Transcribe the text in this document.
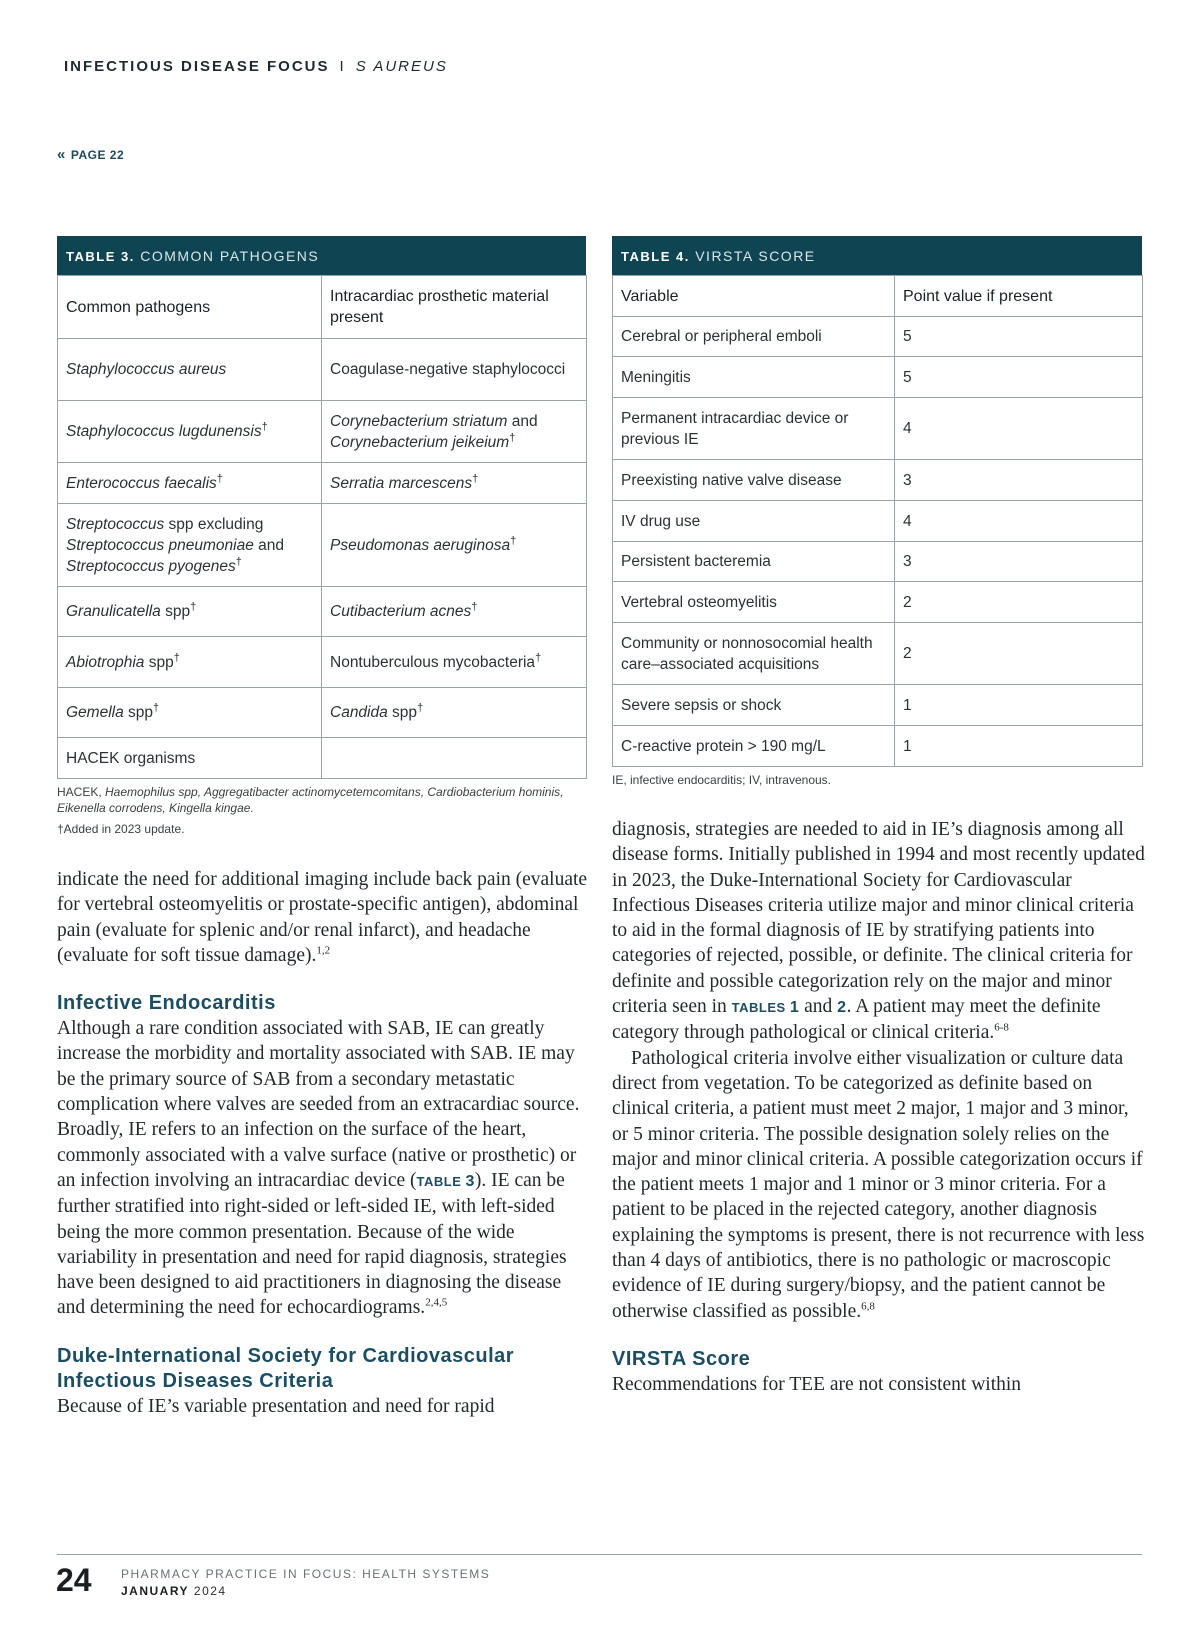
INFECTIOUS DISEASE FOCUS I S AUREUS
« PAGE 22
TABLE 3. COMMON PATHOGENS
Common pathogens	Intracardiac prosthetic material present
Staphylococcus aureus	Coagulase-negative staphylococci
Staphylococcus lugdunensis†	Corynebacterium striatum and Corynebacterium jeikeium†
Enterococcus faecalis†	Serratia marcescens†
Streptococcus spp excluding Streptococcus pneumoniae and Streptococcus pyogenes†	Pseudomonas aeruginosa†
Granulicatella spp†	Cutibacterium acnes†
Abiotrophia spp†	Nontuberculous mycobacteria†
Gemella spp†	Candida spp†
HACEK organisms	
HACEK, Haemophilus spp, Aggregatibacter actinomycetemcomitans, Cardiobacterium hominis, Eikenella corrodens, Kingella kingae.
†Added in 2023 update.
TABLE 4. VIRSTA SCORE
Variable	Point value if present
Cerebral or peripheral emboli	5
Meningitis	5
Permanent intracardiac device or previous IE	4
Preexisting native valve disease	3
IV drug use	4
Persistent bacteremia	3
Vertebral osteomyelitis	2
Community or nonnosocomial health care–associated acquisitions	2
Severe sepsis or shock	1
C-reactive protein > 190 mg/L	1
IE, infective endocarditis; IV, intravenous.

indicate the need for additional imaging include back pain (evaluate for vertebral osteomyelitis or prostate-specific antigen), abdominal pain (evaluate for splenic and/or renal infarct), and headache (evaluate for soft tissue damage).$^{1,2}$

Infective Endocarditis

Although a rare condition associated with SAB, IE can greatly increase the morbidity and mortality associated with SAB. IE may be the primary source of SAB from a secondary metastatic complication where valves are seeded from an extracardiac source. Broadly, IE refers to an infection on the surface of the heart, commonly associated with a valve surface (native or prosthetic) or an infection involving an intracardiac device (TABLE 3). IE can be further stratified into right-sided or left-sided IE, with left-sided being the more common presentation. Because of the wide variability in presentation and need for rapid diagnosis, strategies have been designed to aid practitioners in diagnosing the disease and determining the need for echocardiograms.$^{2,4,5}$

Duke-International Society for Cardiovascular Infectious Diseases Criteria

Because of IE’s variable presentation and need for rapid

diagnosis, strategies are needed to aid in IE’s diagnosis among all disease forms. Initially published in 1994 and most recently updated in 2023, the Duke-International Society for Cardiovascular Infectious Diseases criteria utilize major and minor clinical criteria to aid in the formal diagnosis of IE by stratifying patients into categories of rejected, possible, or definite. The clinical criteria for definite and possible categorization rely on the major and minor criteria seen in TABLES 1 and 2. A patient may meet the definite category through pathological or clinical criteria.$^{6-8}$

Pathological criteria involve either visualization or culture data direct from vegetation. To be categorized as definite based on clinical criteria, a patient must meet 2 major, 1 major and 3 minor, or 5 minor criteria. The possible designation solely relies on the major and minor clinical criteria. A possible categorization occurs if the patient meets 1 major and 1 minor or 3 minor criteria. For a patient to be placed in the rejected category, another diagnosis explaining the symptoms is present, there is not recurrence with less than 4 days of antibiotics, there is no pathologic or macroscopic evidence of IE during surgery/biopsy, and the patient cannot be otherwise classified as possible.$^{6,8}$

VIRSTA Score

Recommendations for TEE are not consistent within

24 PHARMACY PRACTICE IN FOCUS: HEALTH SYSTEMS
JANUARY 2024
